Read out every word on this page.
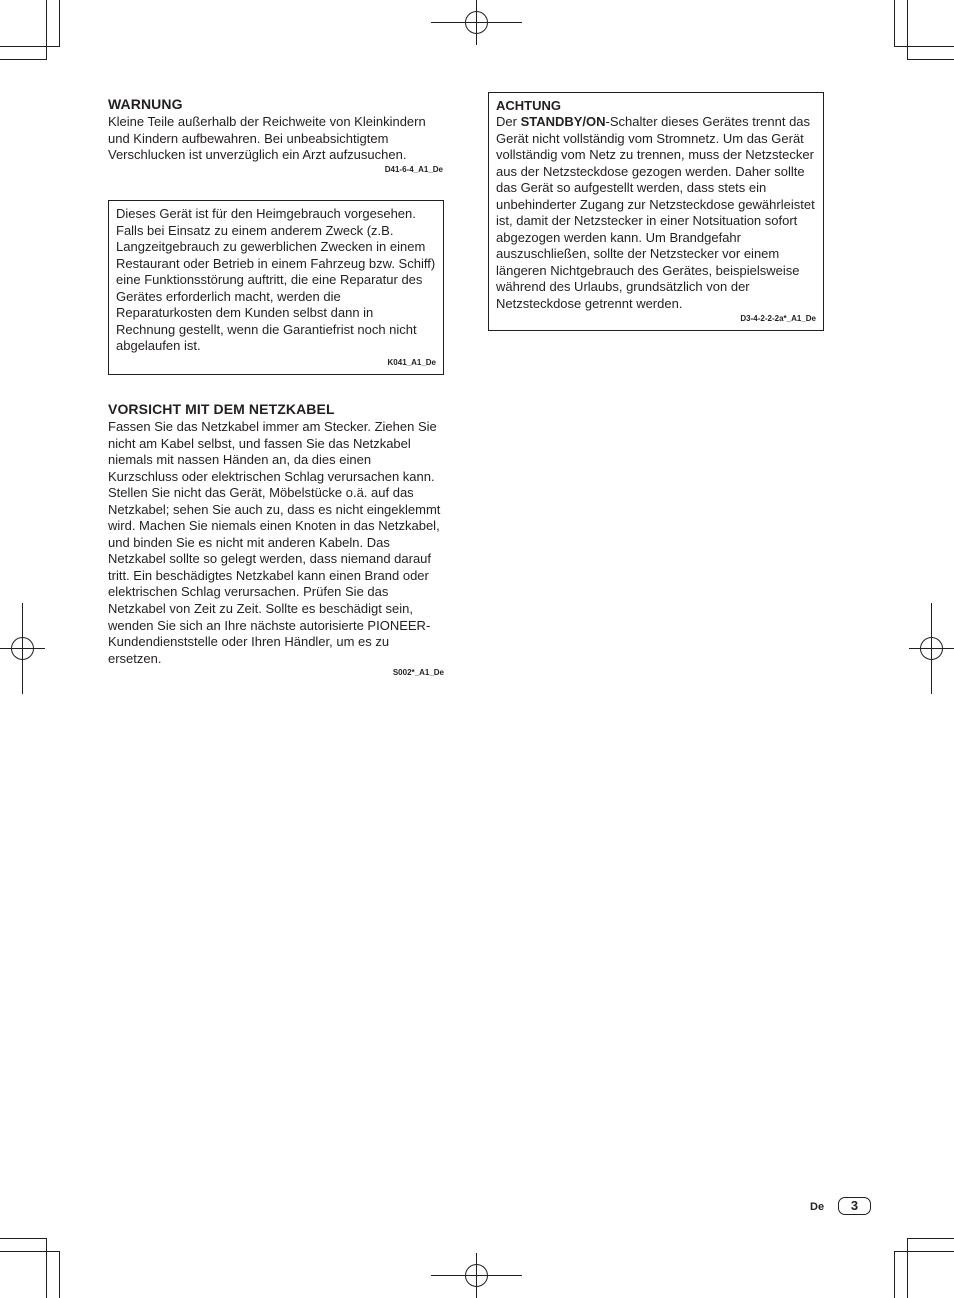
WARNUNG

Kleine Teile außerhalb der Reichweite von Kleinkindern und Kindern aufbewahren. Bei unbeabsichtigtem Verschlucken ist unverzüglich ein Arzt aufzusuchen.

D41-6-4_A1_De

Dieses Gerät ist für den Heimgebrauch vorgesehen. Falls bei Einsatz zu einem anderem Zweck (z.B. Langzeitgebrauch zu gewerblichen Zwecken in einem Restaurant oder Betrieb in einem Fahrzeug bzw. Schiff) eine Funktionsstörung auftritt, die eine Reparatur des Gerätes erforderlich macht, werden die Reparaturkosten dem Kunden selbst dann in Rechnung gestellt, wenn die Garantiefrist noch nicht abgelaufen ist.

K041_A1_De
VORSICHT MIT DEM NETZKABEL

Fassen Sie das Netzkabel immer am Stecker. Ziehen Sie nicht am Kabel selbst, und fassen Sie das Netzkabel niemals mit nassen Händen an, da dies einen Kurzschluss oder elektrischen Schlag verursachen kann. Stellen Sie nicht das Gerät, Möbelstücke o.ä. auf das Netzkabel; sehen Sie auch zu, dass es nicht eingeklemmt wird. Machen Sie niemals einen Knoten in das Netzkabel, und binden Sie es nicht mit anderen Kabeln. Das Netzkabel sollte so gelegt werden, dass niemand darauf tritt. Ein beschädigtes Netzkabel kann einen Brand oder elektrischen Schlag verursachen. Prüfen Sie das Netzkabel von Zeit zu Zeit. Sollte es beschädigt sein, wenden Sie sich an Ihre nächste autorisierte PIONEER-Kundendienststelle oder Ihren Händler, um es zu ersetzen.

S002*_A1_De
ACHTUNG

Der STANDBY/ON-Schalter dieses Gerätes trennt das Gerät nicht vollständig vom Stromnetz. Um das Gerät vollständig vom Netz zu trennen, muss der Netzstecker aus der Netzsteckdose gezogen werden. Daher sollte das Gerät so aufgestellt werden, dass stets ein unbehinderter Zugang zur Netzsteckdose gewährleistet ist, damit der Netzstecker in einer Notsituation sofort abgezogen werden kann. Um Brandgefahr auszuschließen, sollte der Netzstecker vor einem längeren Nichtgebrauch des Gerätes, beispielsweise während des Urlaubs, grundsätzlich von der Netzsteckdose getrennt werden.

D3-4-2-2-2a*_A1_De
De	3
